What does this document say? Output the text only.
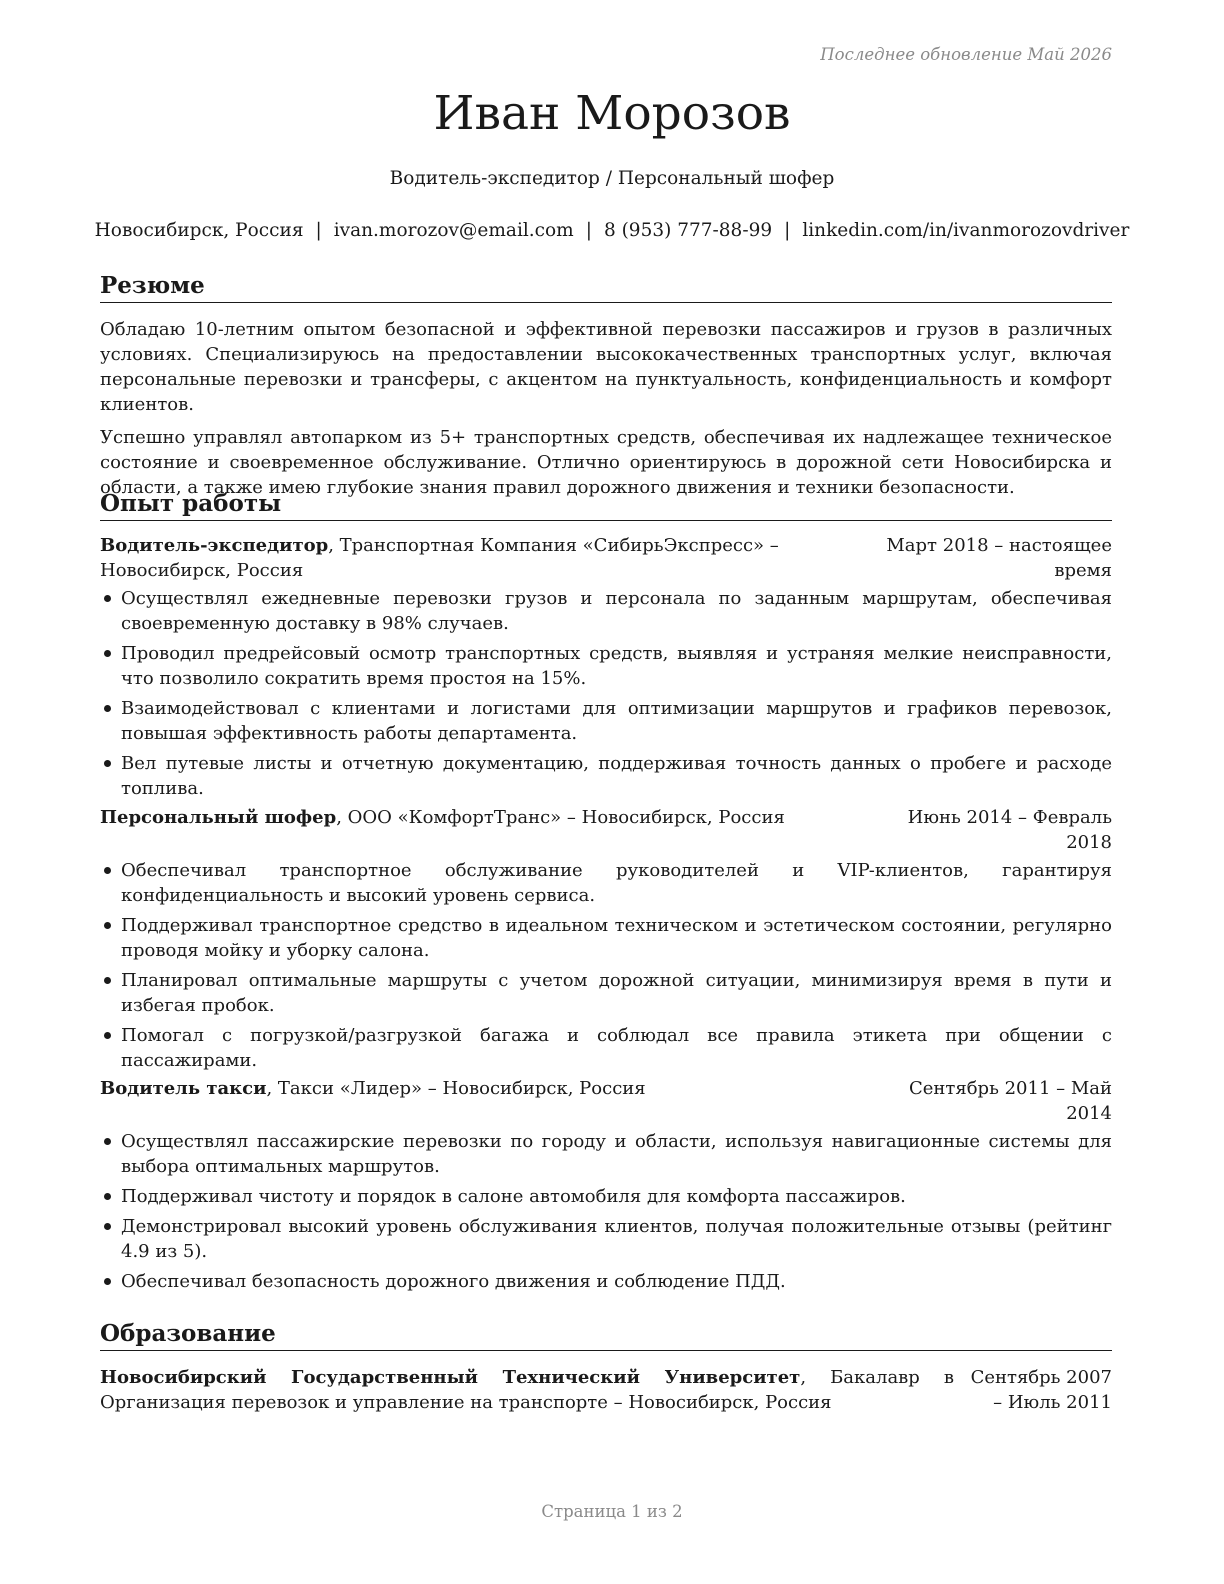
Последнее обновление Май 2026
Иван Морозов
Водитель-экспедитор / Персональный шофер
Новосибирск, Россия | ivan.morozov@email.com | 8 (953) 777-88-99 | linkedin.com/in/ivanmorozovdriver
Резюме

Обладаю 10-летним опытом безопасной и эффективной перевозки пассажиров и грузов в различных условиях. Специализируюсь на предоставлении высококачественных транспортных услуг, включая персональные перевозки и трансферы, с акцентом на пунктуальность, конфиденциальность и комфорт клиентов.

Успешно управлял автопарком из 5+ транспортных средств, обеспечивая их надлежащее техническое состояние и своевременное обслуживание. Отлично ориентируюсь в дорожной сети Новосибирска и области, а также имею глубокие знания правил дорожного движения и техники безопасности.

Опыт работы
Водитель-экспедитор, Транспортная Компания «СибирьЭкспресс» – Новосибирск, Россия
Март 2018 – настоящее время
Осуществлял ежедневные перевозки грузов и персонала по заданным маршрутам, обеспечивая своевременную доставку в 98% случаев.
Проводил предрейсовый осмотр транспортных средств, выявляя и устраняя мелкие неисправности, что позволило сократить время простоя на 15%.
Взаимодействовал с клиентами и логистами для оптимизации маршрутов и графиков перевозок, повышая эффективность работы департамента.
Вел путевые листы и отчетную документацию, поддерживая точность данных о пробеге и расходе топлива.
Персональный шофер, ООО «КомфортТранс» – Новосибирск, Россия	Июнь 2014 – Февраль 2018
Обеспечивал транспортное обслуживание руководителей и VIP-клиентов, гарантируя конфиденциальность и высокий уровень сервиса.
Поддерживал транспортное средство в идеальном техническом и эстетическом состоянии, регулярно проводя мойку и уборку салона.
Планировал оптимальные маршруты с учетом дорожной ситуации, минимизируя время в пути и избегая пробок.
Помогал с погрузкой/разгрузкой багажа и соблюдал все правила этикета при общении с пассажирами.
Водитель такси, Такси «Лидер» – Новосибирск, Россия	Сентябрь 2011 – Май 2014
Осуществлял пассажирские перевозки по городу и области, используя навигационные системы для выбора оптимальных маршрутов.
Поддерживал чистоту и порядок в салоне автомобиля для комфорта пассажиров.
Демонстрировал высокий уровень обслуживания клиентов, получая положительные отзывы (рейтинг 4.9 из 5).
Обеспечивал безопасность дорожного движения и соблюдение ПДД.
Образование
Новосибирский Государственный Технический Университет, Бакалавр в Организация перевозок и управление на транспорте – Новосибирск, Россия
Сентябрь 2007 – Июль 2011
Страница 1 из 2
